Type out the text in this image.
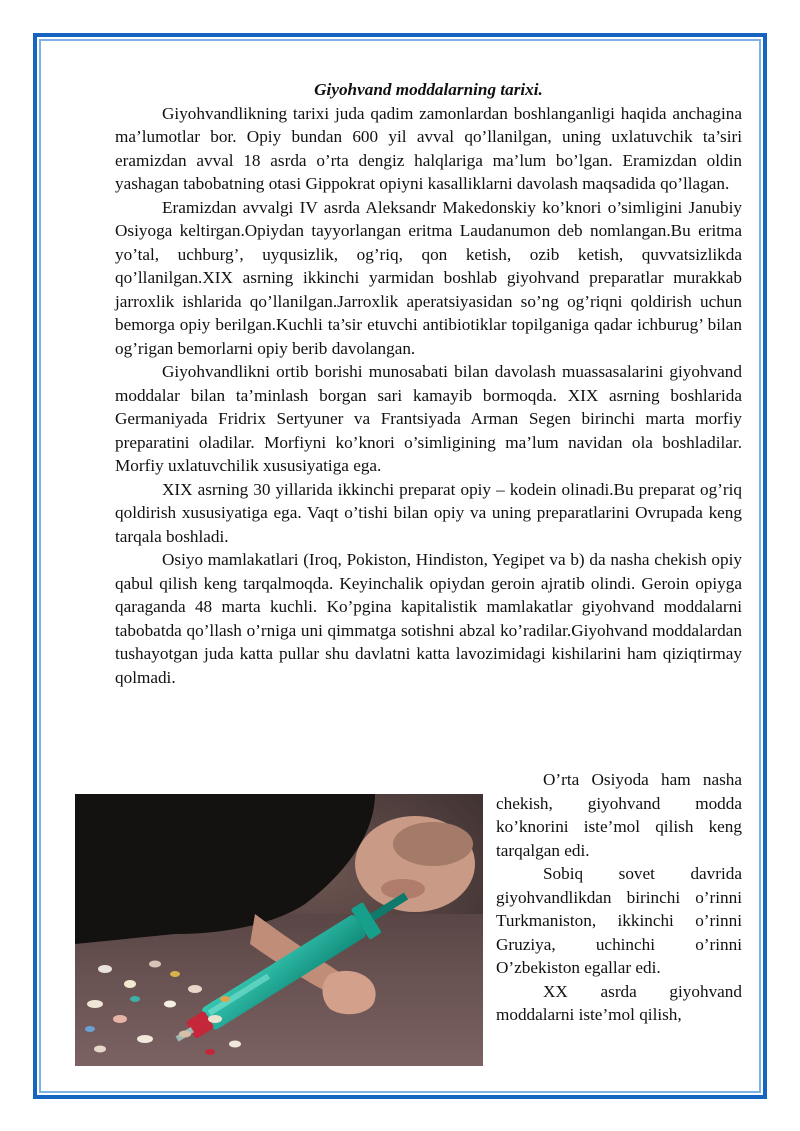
Giyohvand moddalarning tarixi.

Giyohvandlikning tarixi juda qadim zamonlardan boshlanganligi haqida anchagina ma’lumotlar bor. Opiy bundan 600 yil avval qo’llanilgan, uning uxlatuvchik ta’siri eramizdan avval 18 asrda o’rta dengiz halqlariga ma’lum bo’lgan. Eramizdan oldin yashagan tabobatning otasi Gippokrat opiyni kasalliklarni davolash maqsadida qo’llagan.

Eramizdan avvalgi IV asrda Aleksandr Makedonskiy ko’knori o’simligini Janubiy Osiyoga keltirgan.Opiydan tayyorlangan eritma Laudanumon deb nomlangan.Bu eritma yo’tal, uchburg’, uyqusizlik, og’riq, qon ketish, ozib ketish, quvvatsizlikda qo’llanilgan.XIX asrning ikkinchi yarmidan boshlab giyohvand preparatlar murakkab jarroxlik ishlarida qo’llanilgan.Jarroxlik aperatsiyasidan so’ng og’riqni qoldirish uchun bemorga opiy berilgan.Kuchli ta’sir etuvchi antibiotiklar topilganiga qadar ichburug’ bilan og’rigan bemorlarni opiy berib davolangan.

Giyohvandlikni ortib borishi munosabati bilan davolash muassasalarini giyohvand moddalar bilan ta’minlash borgan sari kamayib bormoqda. XIX asrning boshlarida Germaniyada Fridrix Sertyuner va Frantsiyada Arman Segen birinchi marta morfiy preparatini oladilar. Morfiyni ko’knori o’simligining ma’lum navidan ola boshladilar. Morfiy uxlatuvchilik xususiyatiga ega.

XIX asrning 30 yillarida ikkinchi preparat opiy – kodein olinadi.Bu preparat og’riq qoldirish xususiyatiga ega. Vaqt o’tishi bilan opiy va uning preparatlarini Ovrupada keng tarqala boshladi.

Osiyo mamlakatlari (Iroq, Pokiston, Hindiston, Yegipet va b) da nasha chekish opiy qabul qilish keng tarqalmoqda. Keyinchalik opiydan geroin ajratib olindi. Geroin opiyga qaraganda 48 marta kuchli. Ko’pgina kapitalistik mamlakatlar giyohvand moddalarni tabobatda qo’llash o’rniga uni qimmatga sotishni abzal ko’radilar.Giyohvand moddalardan tushayotgan juda katta pullar shu davlatni katta lavozimidagi kishilarini ham qiziqtirmay qolmadi.

O’rta Osiyoda ham nasha chekish, giyohvand modda ko’knorini iste’mol qilish keng tarqalgan edi.

Sobiq sovet davrida giyohvandlikdan birinchi o’rinni Turkmaniston, ikkinchi o’rinni Gruziya, uchinchi o’rinni O’zbekiston egallar edi.

XX asrda giyohvand moddalarni iste’mol qilish,
